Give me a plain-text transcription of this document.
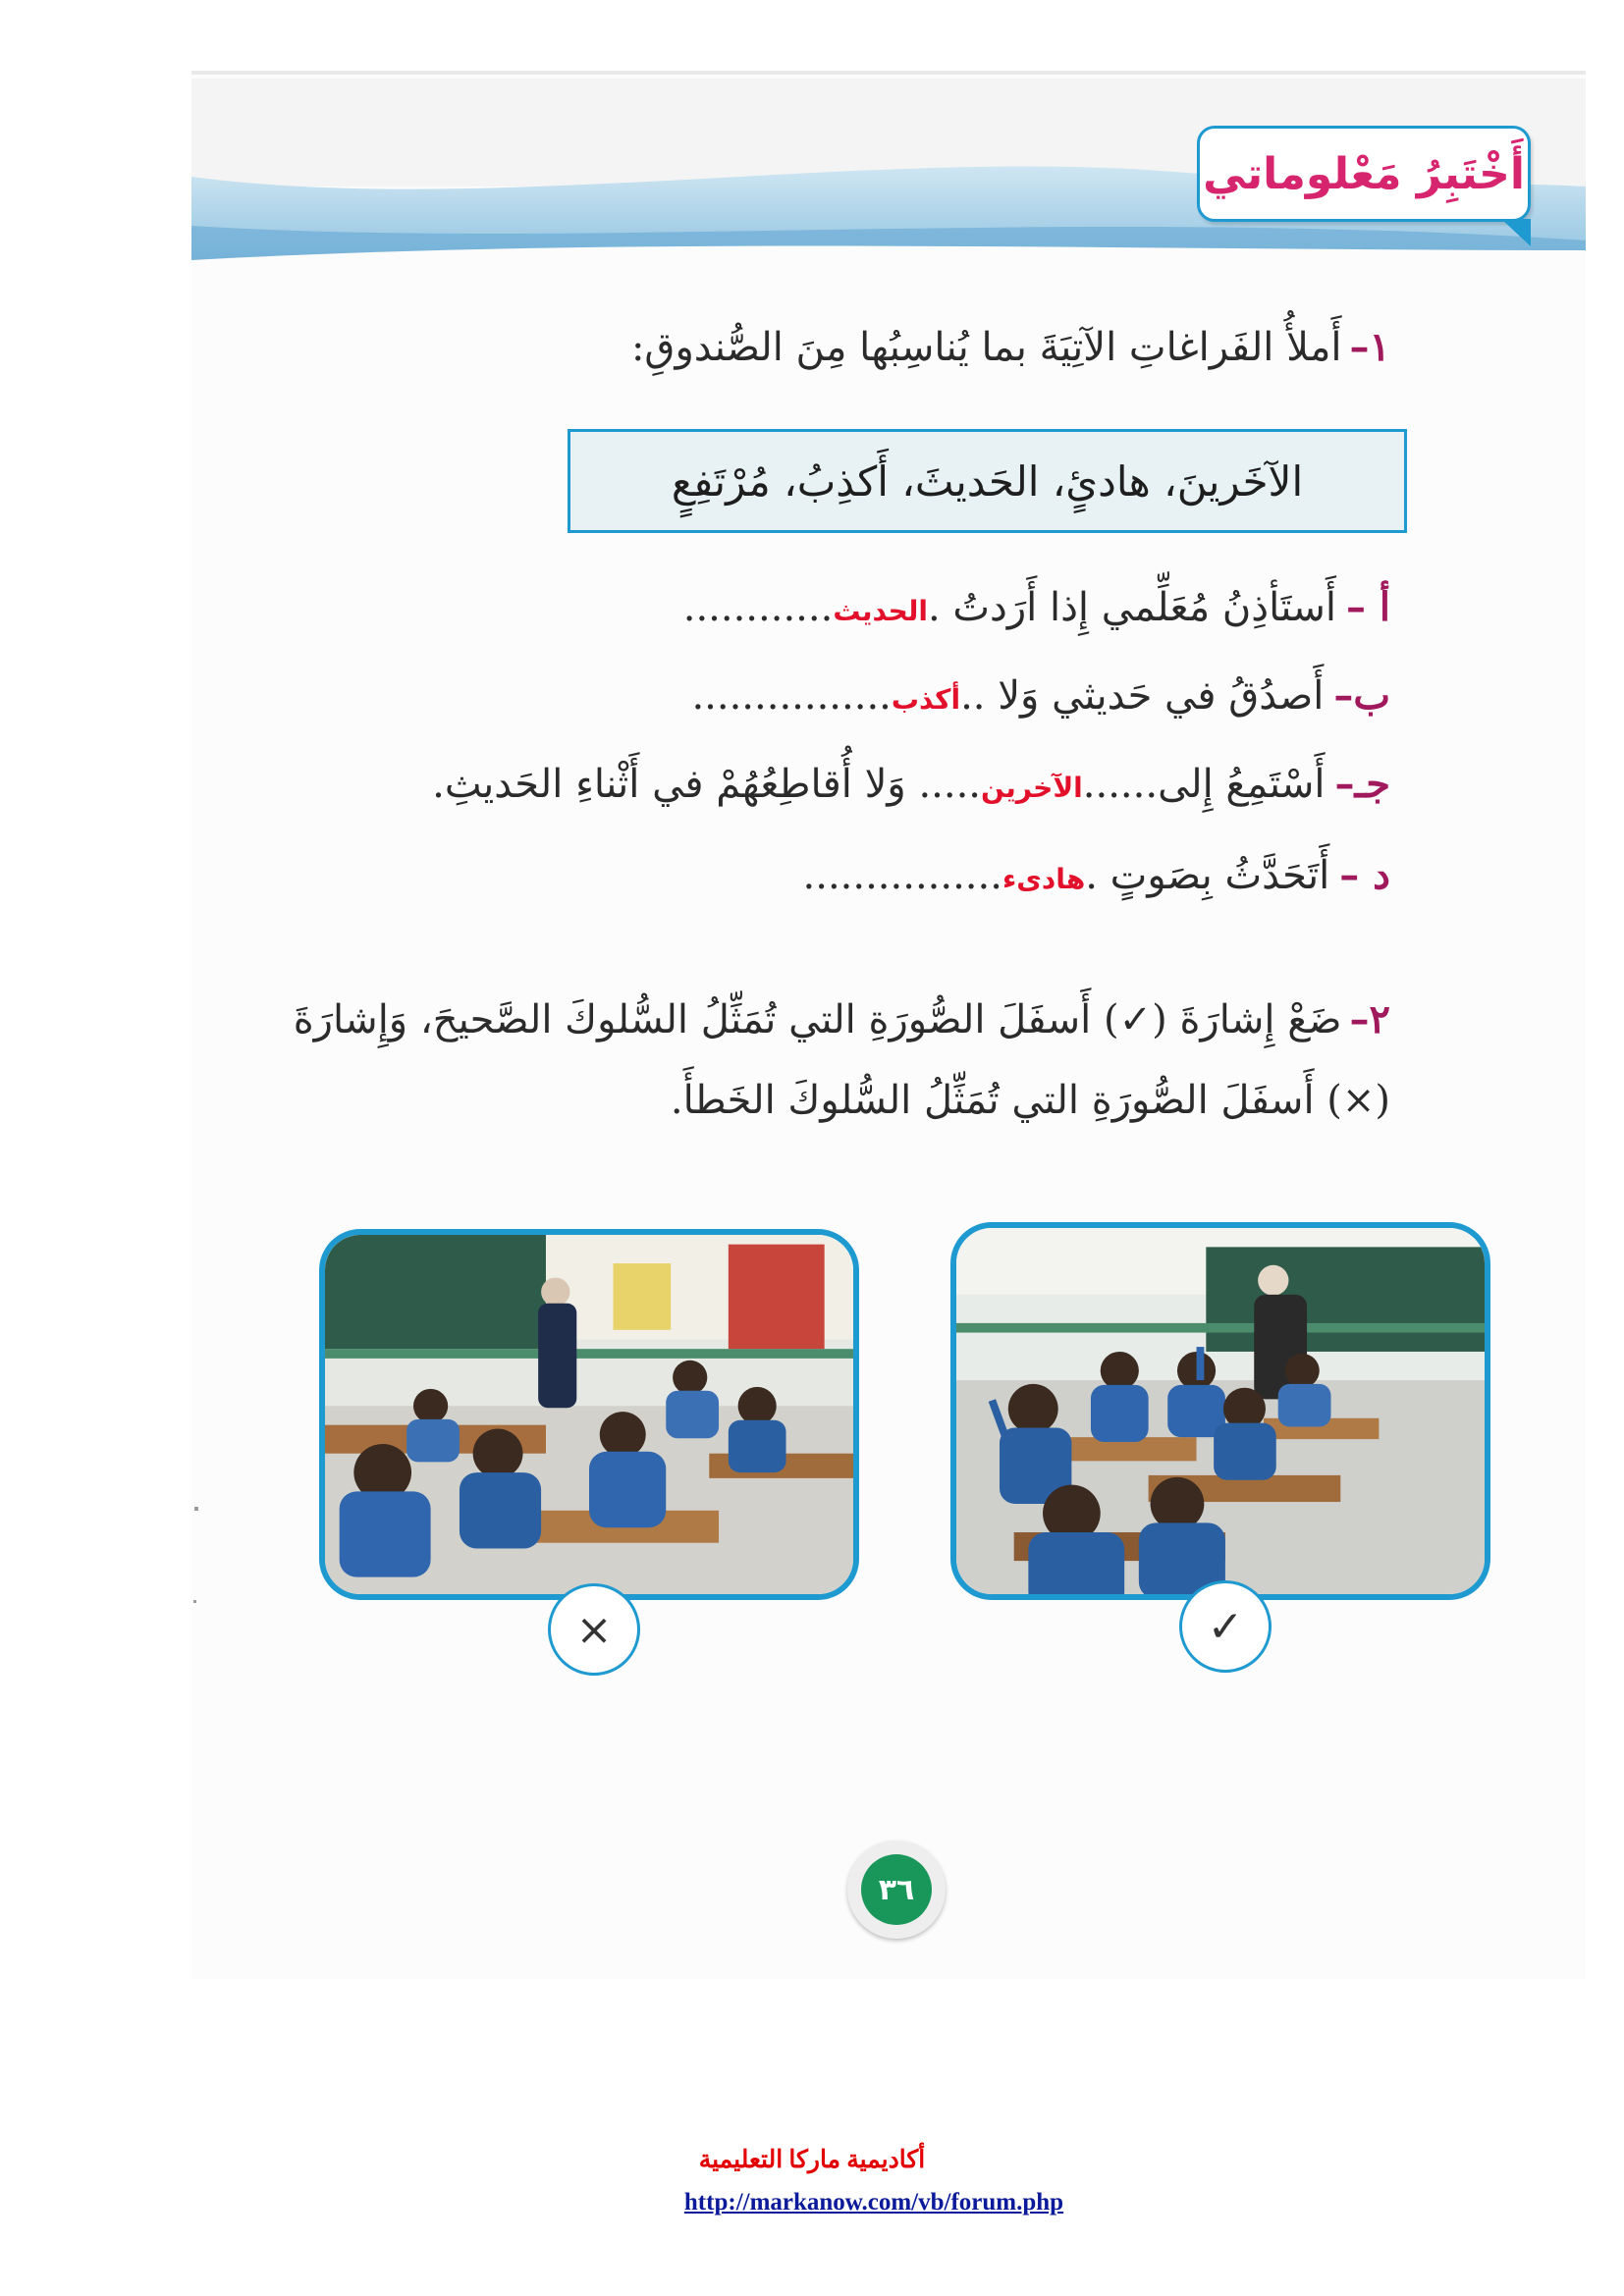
أَخْتَبِرُ مَعْلوماتي
١–أَملأُ الفَراغاتِ الآتِيَةَ بما يُناسِبُها مِنَ الصُّندوقِ:
الآخَرينَ، هادئٍ، الحَديثَ، أَكذِبُ، مُرْتَفِعٍ
أ –أَستَأذِنُ مُعَلِّمي إِذا أَرَدتُ .الحديث............
ب–أَصدُقُ في حَديثي وَلا ..أكذب................
جـ–أَسْتَمِعُ إِلى......الآخرين..... وَلا أُقاطِعُهُمْ في أَثْناءِ الحَديثِ.
د –أَتَحَدَّثُ بِصَوتٍ .هادىء................
٢–ضَعْ إِشارَةَ (✓) أَسفَلَ الصُّورَةِ التي تُمَثِّلُ السُّلوكَ الصَّحيحَ، وَإِشارَةَ
(×) أَسفَلَ الصُّورَةِ التي تُمَثِّلُ السُّلوكَ الخَطأَ.
✓
×
٣٦
أكاديمية ماركا التعليمية
http://markanow.com/vb/forum.php
